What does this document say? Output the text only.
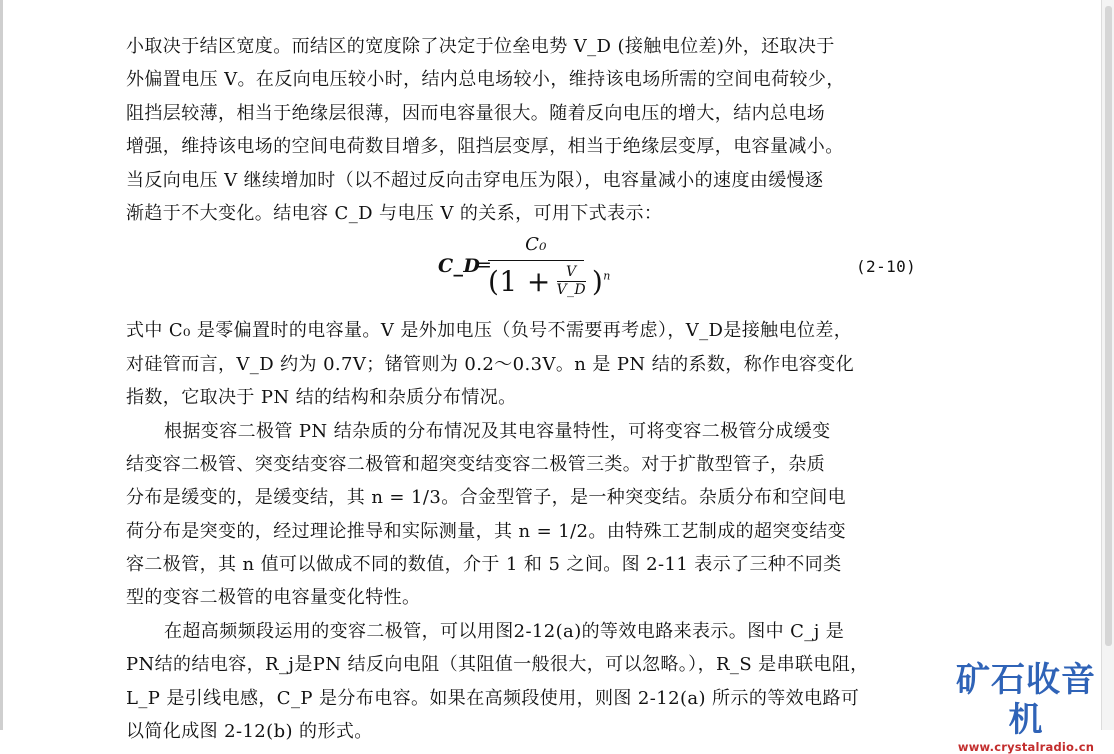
小取决于结区宽度。而结区的宽度除了决定于位垒电势 V_D (接触电位差)外，还取决于
外偏置电压 V。在反向电压较小时，结内总电场较小，维持该电场所需的空间电荷较少，
阻挡层较薄，相当于绝缘层很薄，因而电容量很大。随着反向电压的增大，结内总电场
增强，维持该电场的空间电荷数目增多，阻挡层变厚，相当于绝缘层变厚，电容量减小。
当反向电压 V 继续增加时（以不超过反向击穿电压为限），电容量减小的速度由缓慢逐
渐趋于不大变化。结电容 C_D 与电压 V 的关系，可用下式表示：
C_D
=
$\frac{\text{C₀}}{(1 + \frac{V}{V\_D} )^n}$	(2-10)
式中 C₀ 是零偏置时的电容量。V 是外加电压（负号不需要再考虑），V_D是接触电位差，
对硅管而言，V_D 约为 0.7V；锗管则为 0.2～0.3V。n 是 PN 结的系数，称作电容变化
指数，它取决于 PN 结的结构和杂质分布情况。
根据变容二极管 PN 结杂质的分布情况及其电容量特性，可将变容二极管分成缓变
结变容二极管、突变结变容二极管和超突变结变容二极管三类。对于扩散型管子，杂质
分布是缓变的，是缓变结，其 n = 1/3。合金型管子，是一种突变结。杂质分布和空间电
荷分布是突变的，经过理论推导和实际测量，其 n = 1/2。由特殊工艺制成的超突变结变
容二极管，其 n 值可以做成不同的数值，介于 1 和 5 之间。图 2-11 表示了三种不同类
型的变容二极管的电容量变化特性。
在超高频频段运用的变容二极管，可以用图2-12(a)的等效电路来表示。图中 C_j 是
PN结的结电容，R_j是PN 结反向电阻（其阻值一般很大，可以忽略。），R_S 是串联电阻，
L_P 是引线电感，C_P 是分布电容。如果在高频段使用，则图 2-12(a) 所示的等效电路可
以简化成图 2-12(b) 的形式。
矿石收音机
www.crystalradio.cn
